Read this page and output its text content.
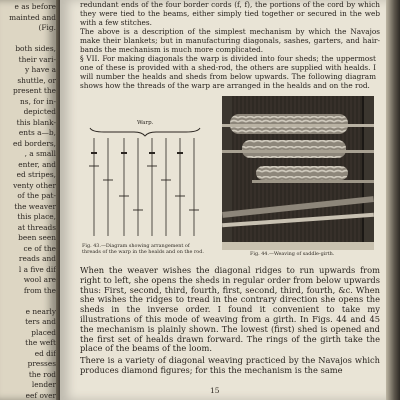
e as before
mainted and
(Fig.
both sides,
their vari-
y have a
shuttle, or
present the
ns, for in-
depicted
this blank-
ents a—b,
ed borders,
, a small
enter, and
ed stripes,
venty other
of the pat-
the weaver
this place,
at threads
been seen
ce of the
reads and
l a five dif
wool are
from the
e nearly
ters and
placed
the weft
ed dif
presses
the rod
lender
eef over

redundant ends of the four border cords (f, f), the portions of the cord by which they were tied to the beams, either simply tied together or secured in the web with a few stitches.

The above is a description of the simplest mechanism by which the Navajos make their blankets; but in manufacturing diagonals, sashes, garters, and hair-bands the mechanism is much more complicated.

§ VII. For making diagonals the warp is divided into four sheds; the uppermost one of these is provided with a shed-rod, the others are supplied with healds. I will number the healds and sheds from below upwards. The following diagram shows how the threads of the warp are arranged in the healds and on the rod.

Warp.
Fig. 43.—Diagram showing arrangement of threads of the warp in the healds and on the rod.	Fig. 44.—Weaving of saddle-girth.

When the weaver wishes the diagonal ridges to run upwards from right to left, she opens the sheds in regular order from below upwards thus: First, second, third, fourth, first, second, third, fourth, &c. When she wishes the ridges to tread in the contrary direction she opens the sheds in the inverse order. I found it convenient to take my illustrations of this mode of weaving from a girth. In Figs. 44 and 45 the mechanism is plainly shown. The lowest (first) shed is opened and the first set of healds drawn forward. The rings of the girth take the place of the beams of the loom.

There is a variety of diagonal weaving practiced by the Navajos which produces diamond figures; for this the mechanism is the same

15
